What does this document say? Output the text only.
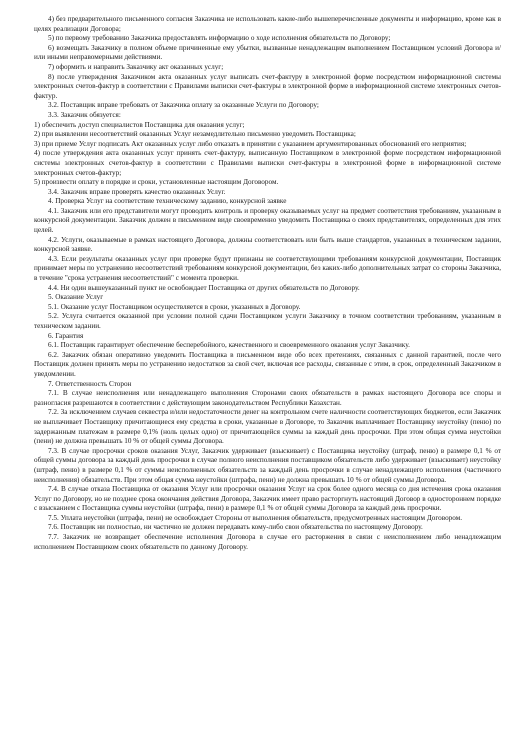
4) без предварительного письменного согласия Заказчика не использовать какие-либо вышеперечисленные документы и информацию, кроме как в целях реализации Договора;

5) по первому требованию Заказчика предоставлять информацию о ходе исполнения обязательств по Договору;

6) возмещать Заказчику в полном объеме причиненные ему убытки, вызванные ненадлежащим выполнением Поставщиком условий Договора и/или иными неправомерными действиями.

7) оформить и направить Заказчику акт оказанных услуг;

8) после утверждения Заказчиком акта оказанных услуг выписать счет-фактуру в электронной форме посредством информационной системы электронных счетов-фактур в соответствии с Правилами выписки счет-фактуры в электронной форме в информационной системе электронных счетов-фактур.

3.2. Поставщик вправе требовать от Заказчика оплату за оказанные Услуги по Договору;

3.3. Заказчик обязуется:

1) обеспечить доступ специалистов Поставщика для оказания услуг;

2) при выявлении несоответствий оказанных Услуг незамедлительно письменно уведомить Поставщика;

3) при приеме Услуг подписать Акт оказанных услуг либо отказать в принятии с указанием аргументированных обоснований его неприятия;

4) после утверждения акта оказанных услуг принять счет-фактуру, выписанную Поставщиком в электронной форме посредством информационной системы электронных счетов-фактур в соответствии с Правилами выписки счет-фактуры в электронной форме в информационной системе электронных счетов-фактур;

5) произвести оплату в порядке и сроки, установленные настоящим Договором.

3.4. Заказчик вправе проверять качество оказанных Услуг.

4. Проверка Услуг на соответствие техническому заданию, конкурсной заявке

4.1. Заказчик или его представители могут проводить контроль и проверку оказываемых услуг на предмет соответствия требованиям, указанным в конкурсной документации. Заказчик должен в письменном виде своевременно уведомить Поставщика о своих представителях, определенных для этих целей.

4.2. Услуги, оказываемые в рамках настоящего Договора, должны соответствовать или быть выше стандартов, указанных в техническом задании, конкурсной заявке.

4.3. Если результаты оказанных услуг при проверке будут признаны не соответствующими требованиям конкурсной документации, Поставщик принимает меры по устранению несоответствий требованиям конкурсной документации, без каких-либо дополнительных затрат со стороны Заказчика, в течение "срока устранения несоответствий" с момента проверки.

4.4. Ни один вышеуказанный пункт не освобождает Поставщика от других обязательств по Договору.

5. Оказание Услуг

5.1. Оказание услуг Поставщиком осуществляется в сроки, указанных в Договору.

5.2. Услуга считается оказанной при условии полной сдачи Поставщиком услуги Заказчику в точном соответствии требованиям, указанным в техническом задании.

6. Гарантия

6.1. Поставщик гарантирует обеспечение бесперебойного, качественного и своевременного оказания услуг Заказчику.

6.2. Заказчик обязан оперативно уведомить Поставщика в письменном виде обо всех претензиях, связанных с данной гарантией, после чего Поставщик должен принять меры по устранению недостатков за свой счет, включая все расходы, связанные с этим, в срок, определенный Заказчиком в уведомлении.

7. Ответственность Сторон

7.1. В случае неисполнения или ненадлежащего выполнения Сторонами своих обязательств в рамках настоящего Договора все споры и разногласия разрешаются в соответствии с действующим законодательством Республики Казахстан.

7.2. За исключением случаев секвестра и/или недостаточности денег на контрольном счете наличности соответствующих бюджетов, если Заказчик не выплачивает Поставщику причитающиеся ему средства в сроки, указанные в Договоре, то Заказчик выплачивает Поставщику неустойку (пеню) по задержанным платежам в размере 0,1% (ноль целых одно) от причитающейся суммы за каждый день просрочки. При этом общая сумма неустойки (пени) не должна превышать 10 % от общей суммы Договора.

7.3. В случае просрочки сроков оказания Услуг, Заказчик удерживает (взыскивает) с Поставщика неустойку (штраф, пеню) в размере 0,1 % от общей суммы договора за каждый день просрочки в случае полного неисполнения поставщиком обязательств либо удерживает (взыскивает) неустойку (штраф, пеню) в размере 0,1 % от суммы неисполненных обязательств за каждый день просрочки в случае ненадлежащего исполнения (частичного неисполнения) обязательств. При этом общая сумма неустойки (штрафа, пени) не должна превышать 10 % от общей суммы Договора.

7.4. В случае отказа Поставщика от оказания Услуг или просрочки оказания Услуг на срок более одного месяца со дня истечения срока оказания Услуг по Договору, но не позднее срока окончания действия Договора, Заказчик имеет право расторгнуть настоящий Договор в одностороннем порядке с взысканием с Поставщика суммы неустойки (штрафа, пени) в размере 0,1 % от общей суммы Договора за каждый день просрочки.

7.5. Уплата неустойки (штрафа, пени) не освобождает Стороны от выполнения обязательств, предусмотренных настоящим Договором.

7.6. Поставщик ни полностью, ни частично не должен передавать кому-либо свои обязательства по настоящему Договору.

7.7. Заказчик не возвращает обеспечение исполнения Договора в случае его расторжения в связи с неисполнением либо ненадлежащим исполнением Поставщиком своих обязательств по данному Договору.
